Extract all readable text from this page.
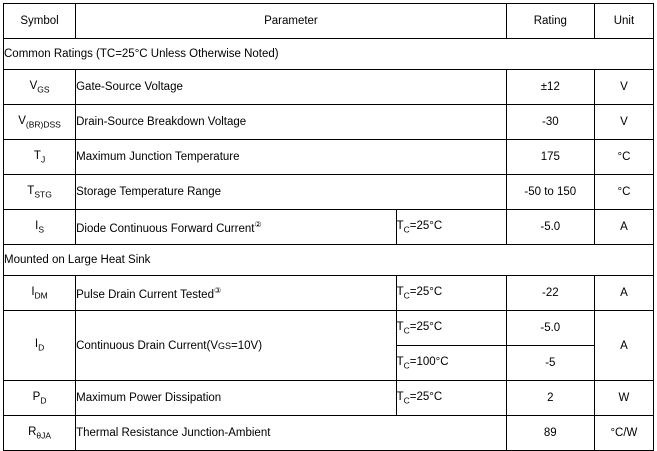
Symbol	Parameter		Rating	Unit
Common Ratings (TC=25°C Unless Otherwise Noted)				
$V_{GS}$	Gate-Source Voltage		±12	V
$V_{(BR)DSS}$	Drain-Source Breakdown Voltage		-30	V
$T_J$	Maximum Junction Temperature		175	°C
$T_{STG}$	Storage Temperature Range		-50 to 150	°C
$I_S$	Diode Continuous Forward Current②	$T_C=25^\circ C$	-5.0	A
Mounted on Large Heat Sink				
$I_{DM}$	Pulse Drain Current Tested③	$T_C=25^\circ C$	-22	A
$I_D$	Continuous Drain Current(VGS=10V)	$T_C=25^\circ C$	-5.0	A
		$T_C=100^\circ C$	-5	
$P_D$	Maximum Power Dissipation	$T_C=25^\circ C$	2	W
$R_{\theta JA}$	Thermal Resistance Junction-Ambient		89	°C/W
